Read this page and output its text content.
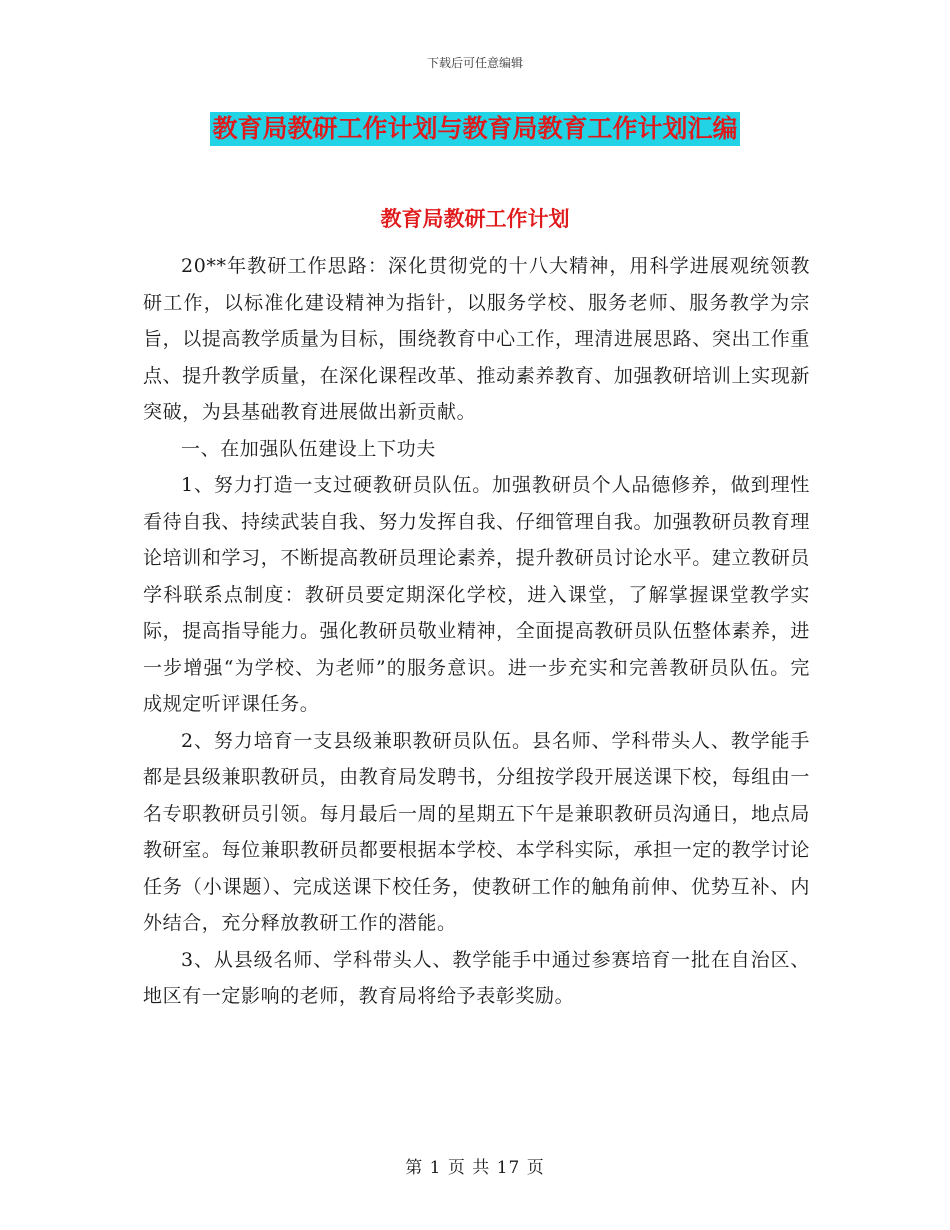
下载后可任意编辑
教育局教研工作计划与教育局教育工作计划汇编
教育局教研工作计划

20**年教研工作思路：深化贯彻党的十八大精神，用科学进展观统领教研工作，以标准化建设精神为指针，以服务学校、服务老师、服务教学为宗旨，以提高教学质量为目标，围绕教育中心工作，理清进展思路、突出工作重点、提升教学质量，在深化课程改革、推动素养教育、加强教研培训上实现新突破，为县基础教育进展做出新贡献。

一、在加强队伍建设上下功夫

1、努力打造一支过硬教研员队伍。加强教研员个人品德修养，做到理性看待自我、持续武装自我、努力发挥自我、仔细管理自我。加强教研员教育理论培训和学习，不断提高教研员理论素养，提升教研员讨论水平。建立教研员学科联系点制度：教研员要定期深化学校，进入课堂，了解掌握课堂教学实际，提高指导能力。强化教研员敬业精神，全面提高教研员队伍整体素养，进一步增强“为学校、为老师”的服务意识。进一步充实和完善教研员队伍。完成规定听评课任务。

2、努力培育一支县级兼职教研员队伍。县名师、学科带头人、教学能手都是县级兼职教研员，由教育局发聘书，分组按学段开展送课下校，每组由一名专职教研员引领。每月最后一周的星期五下午是兼职教研员沟通日，地点局教研室。每位兼职教研员都要根据本学校、本学科实际，承担一定的教学讨论任务（小课题）、完成送课下校任务，使教研工作的触角前伸、优势互补、内外结合，充分释放教研工作的潜能。

3、从县级名师、学科带头人、教学能手中通过参赛培育一批在自治区、地区有一定影响的老师，教育局将给予表彰奖励。

第 1 页 共 17 页
